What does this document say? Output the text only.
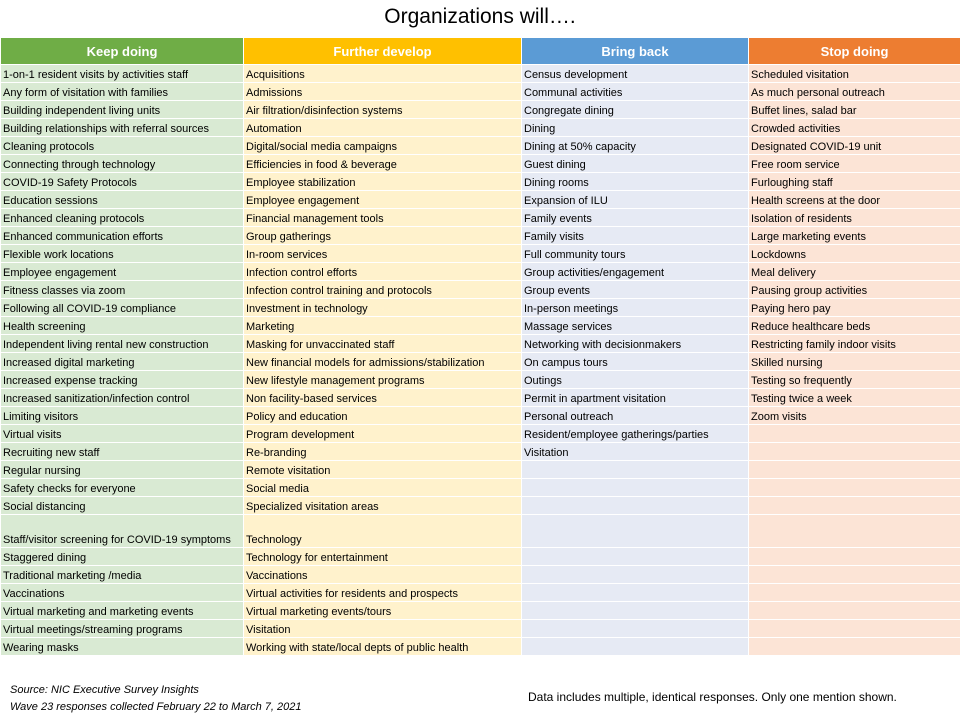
Organizations will….
Keep doing	Further develop	Bring back	Stop doing
1-on-1 resident visits by activities staff	Acquisitions	Census development	Scheduled visitation
Any form of visitation with families	Admissions	Communal activities	As much personal outreach
Building independent living units	Air filtration/disinfection systems	Congregate dining	Buffet lines, salad bar
Building relationships with referral sources	Automation	Dining	Crowded activities
Cleaning protocols	Digital/social media campaigns	Dining at 50% capacity	Designated COVID-19 unit
Connecting through technology	Efficiencies in food & beverage	Guest dining	Free room service
COVID-19 Safety Protocols	Employee stabilization	Dining rooms	Furloughing staff
Education sessions	Employee engagement	Expansion of ILU	Health screens at the door
Enhanced cleaning protocols	Financial management tools	Family events	Isolation of residents
Enhanced communication efforts	Group gatherings	Family visits	Large marketing events
Flexible work locations	In-room services	Full community tours	Lockdowns
Employee engagement	Infection control efforts	Group activities/engagement	Meal delivery
Fitness classes via zoom	Infection control training and protocols	Group events	Pausing group activities
Following all COVID-19 compliance	Investment in technology	In-person meetings	Paying hero pay
Health screening	Marketing	Massage services	Reduce healthcare beds
Independent living rental new construction	Masking for unvaccinated staff	Networking with decisionmakers	Restricting family indoor visits
Increased digital marketing	New financial models for admissions/stabilization	On campus tours	Skilled nursing
Increased expense tracking	New lifestyle management programs	Outings	Testing so frequently
Increased sanitization/infection control	Non facility-based services	Permit in apartment visitation	Testing twice a week
Limiting visitors	Policy and education	Personal outreach	Zoom visits
Virtual visits	Program development	Resident/employee gatherings/parties	
Recruiting new staff	Re-branding	Visitation	
Regular nursing	Remote visitation		
Safety checks for everyone	Social media		
Social distancing	Specialized visitation areas		
Staff/visitor screening for COVID-19 symptoms	Technology		
Staggered dining	Technology for entertainment		
Traditional marketing /media	Vaccinations		
Vaccinations	Virtual activities for residents and prospects		
Virtual marketing and marketing events	Virtual marketing events/tours		
Virtual meetings/streaming programs	Visitation		
Wearing masks	Working with state/local depts of public health		
Source: NIC Executive Survey Insights
Wave 23 responses collected February 22 to March 7, 2021
Data includes multiple, identical responses. Only one mention shown.
